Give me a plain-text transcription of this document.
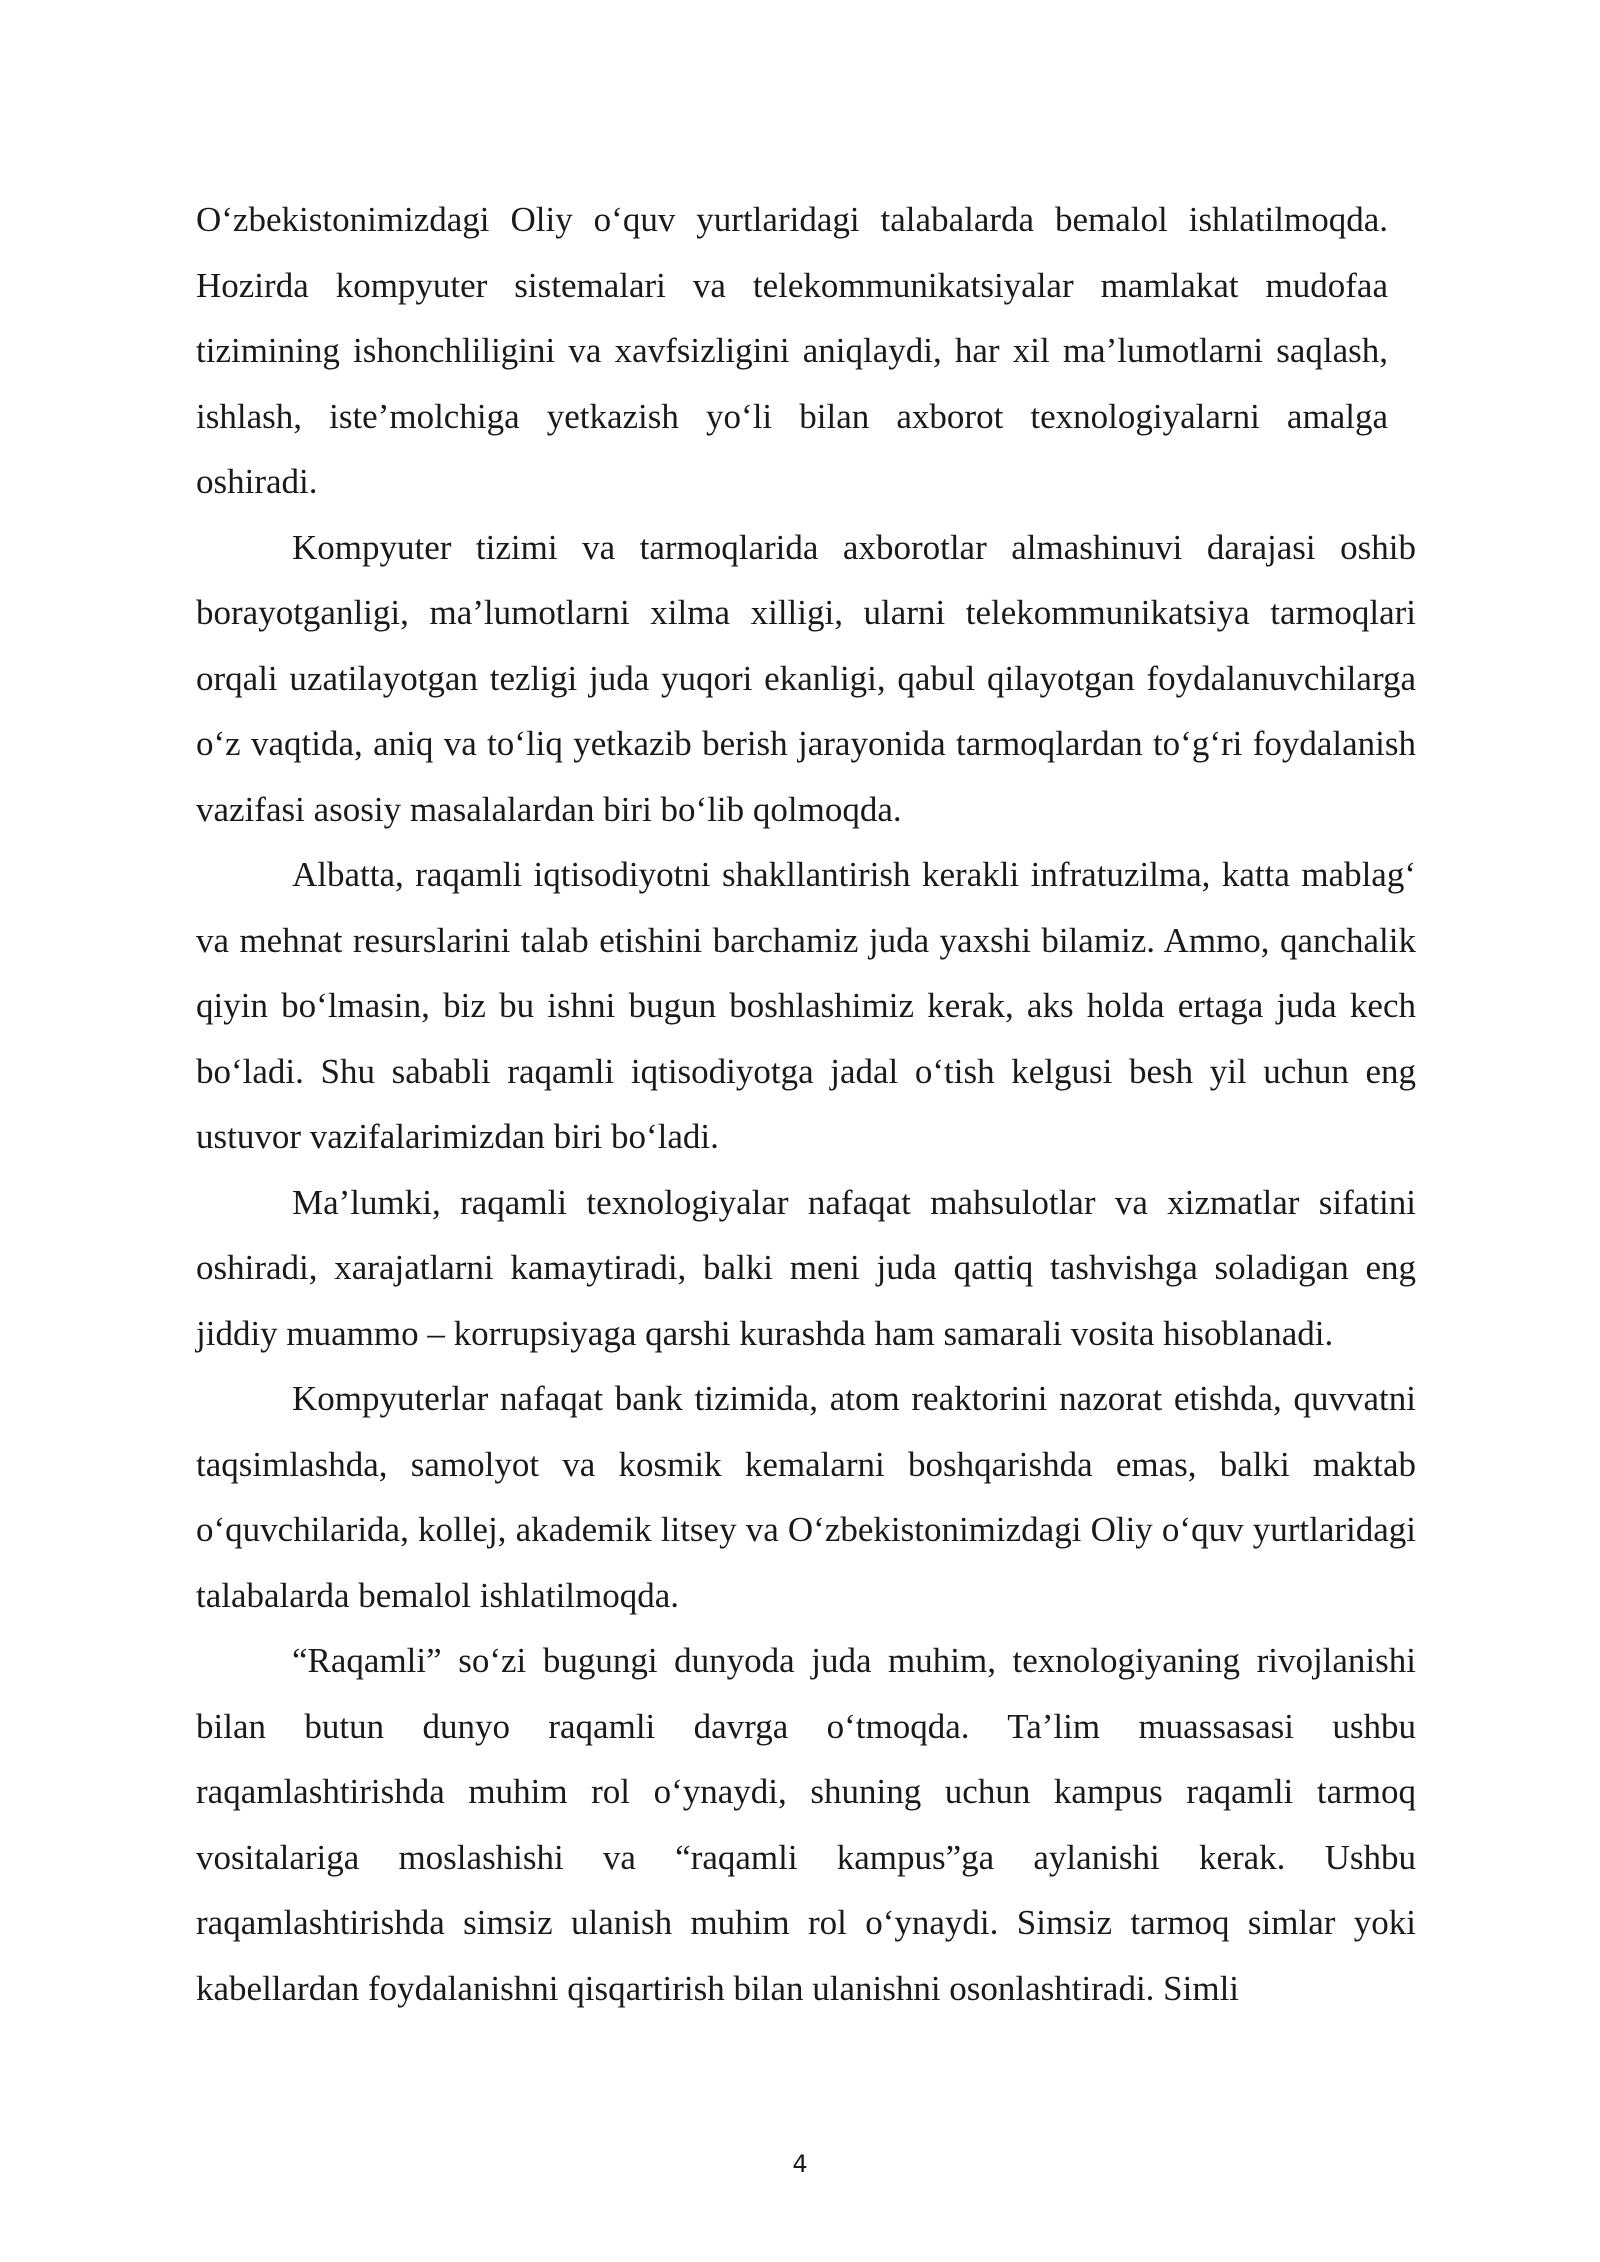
O‘zbekistonimizdagi Oliy o‘quv yurtlaridagi talabalarda bemalol ishlatilmoqda. Hozirda kompyuter sistemalari va telekommunikatsiyalar mamlakat mudofaa tizimining ishonchliligini va xavfsizligini aniqlaydi, har xil ma’lumotlarni saqlash, ishlash, iste’molchiga yetkazish yo‘li bilan axborot texnologiyalarni amalga oshiradi.

Kompyuter tizimi va tarmoqlarida axborotlar almashinuvi darajasi oshib borayotganligi, ma’lumotlarni xilma xilligi, ularni telekommunikatsiya tarmoqlari orqali uzatilayotgan tezligi juda yuqori ekanligi, qabul qilayotgan foydalanuvchilarga o‘z vaqtida, aniq va to‘liq yetkazib berish jarayonida tarmoqlardan to‘g‘ri foydalanish vazifasi asosiy masalalardan biri bo‘lib qolmoqda.

Albatta, raqamli iqtisodiyotni shakllantirish kerakli infratuzilma, katta mablag‘ va mehnat resurslarini talab etishini barchamiz juda yaxshi bilamiz. Ammo, qanchalik qiyin bo‘lmasin, biz bu ishni bugun boshlashimiz kerak, aks holda ertaga juda kech bo‘ladi. Shu sababli raqamli iqtisodiyotga jadal o‘tish kelgusi besh yil uchun eng ustuvor vazifalarimizdan biri bo‘ladi.

Ma’lumki, raqamli texnologiyalar nafaqat mahsulotlar va xizmatlar sifatini oshiradi, xarajatlarni kamaytiradi, balki meni juda qattiq tashvishga soladigan eng jiddiy muammo – korrupsiyaga qarshi kurashda ham samarali vosita hisoblanadi.

Kompyuterlar nafaqat bank tizimida, atom reaktorini nazorat etishda, quvvatni taqsimlashda, samolyot va kosmik kemalarni boshqarishda emas, balki maktab o‘quvchilarida, kollej, akademik litsey va O‘zbekistonimizdagi Oliy o‘quv yurtlaridagi talabalarda bemalol ishlatilmoqda.

“Raqamli” so‘zi bugungi dunyoda juda muhim, texnologiyaning rivojlanishi bilan butun dunyo raqamli davrga o‘tmoqda. Ta’lim muassasasi ushbu raqamlashtirishda muhim rol o‘ynaydi, shuning uchun kampus raqamli tarmoq vositalariga moslashishi va “raqamli kampus”ga aylanishi kerak. Ushbu raqamlashtirishda simsiz ulanish muhim rol o‘ynaydi. Simsiz tarmoq simlar yoki kabellardan foydalanishni qisqartirish bilan ulanishni osonlashtiradi. Simli

4
